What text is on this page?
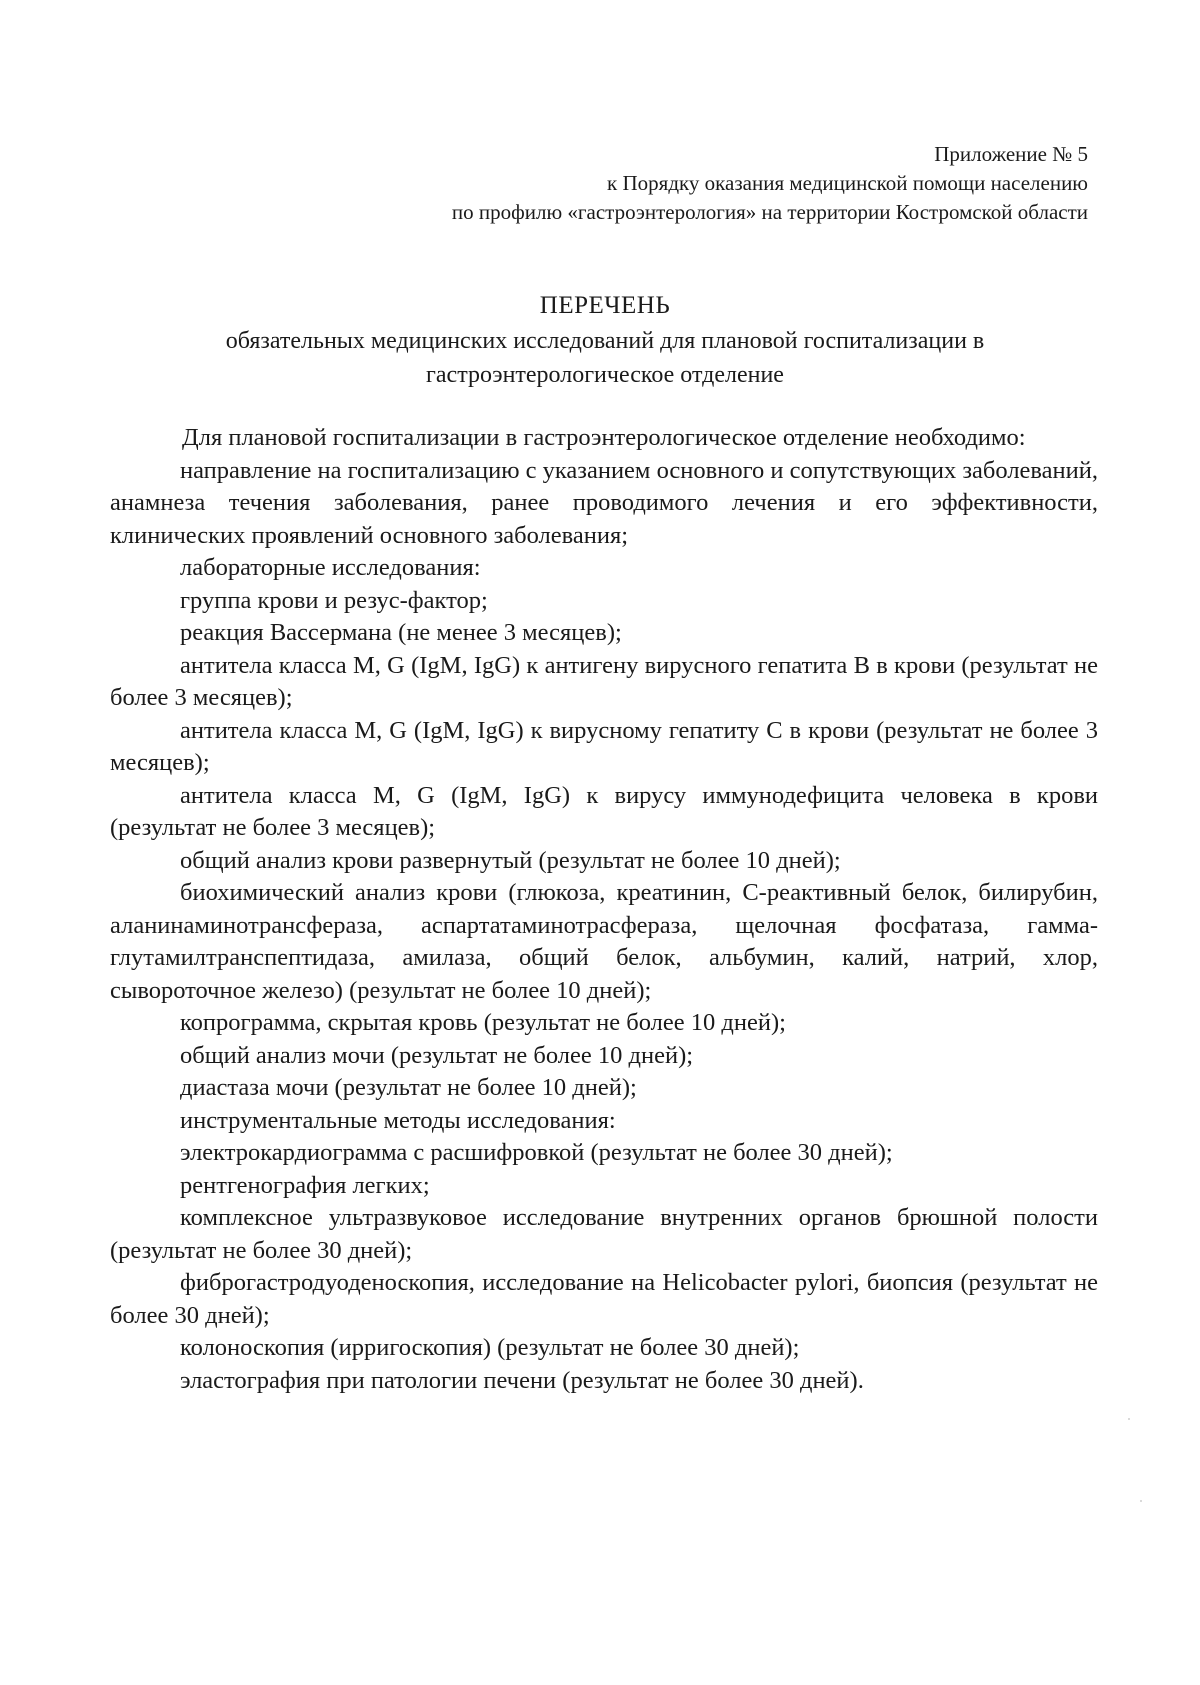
Приложение № 5
к Порядку оказания медицинской помощи населению
по профилю «гастроэнтерология» на территории Костромской области
ПЕРЕЧЕНЬ
обязательных медицинских исследований для плановой госпитализации в
гастроэнтерологическое отделение

Для плановой госпитализации в гастроэнтерологическое отделение необходимо:

направление на госпитализацию с указанием основного и сопутствующих заболеваний, анамнеза течения заболевания, ранее проводимого лечения и его эффективности, клинических проявлений основного заболевания;

лабораторные исследования:

группа крови и резус-фактор;

реакция Вассермана (не менее 3 месяцев);

антитела класса M, G (IgM, IgG) к антигену вирусного гепатита B в крови (результат не более 3 месяцев);

антитела класса M, G (IgM, IgG) к вирусному гепатиту C в крови (результат не более 3 месяцев);

антитела класса M, G (IgM, IgG) к вирусу иммунодефицита человека в крови (результат не более 3 месяцев);

общий анализ крови развернутый (результат не более 10 дней);

биохимический анализ крови (глюкоза, креатинин, С-реактивный белок, билирубин, аланинаминотрансфераза, аспартатаминотрасфераза, щелочная фосфатаза, гамма-глутамилтранспептидаза, амилаза, общий белок, альбумин, калий, натрий, хлор, сывороточное железо) (результат не более 10 дней);

копрограмма, скрытая кровь (результат не более 10 дней);

общий анализ мочи (результат не более 10 дней);

диастаза мочи (результат не более 10 дней);

инструментальные методы исследования:

электрокардиограмма с расшифровкой (результат не более 30 дней);

рентгенография легких;

комплексное ультразвуковое исследование внутренних органов брюшной полости (результат не более 30 дней);

фиброгастродуоденоскопия, исследование на Helicobacter pylori, биопсия (результат не более 30 дней);

колоноскопия (ирригоскопия) (результат не более 30 дней);

эластография при патологии печени (результат не более 30 дней).
